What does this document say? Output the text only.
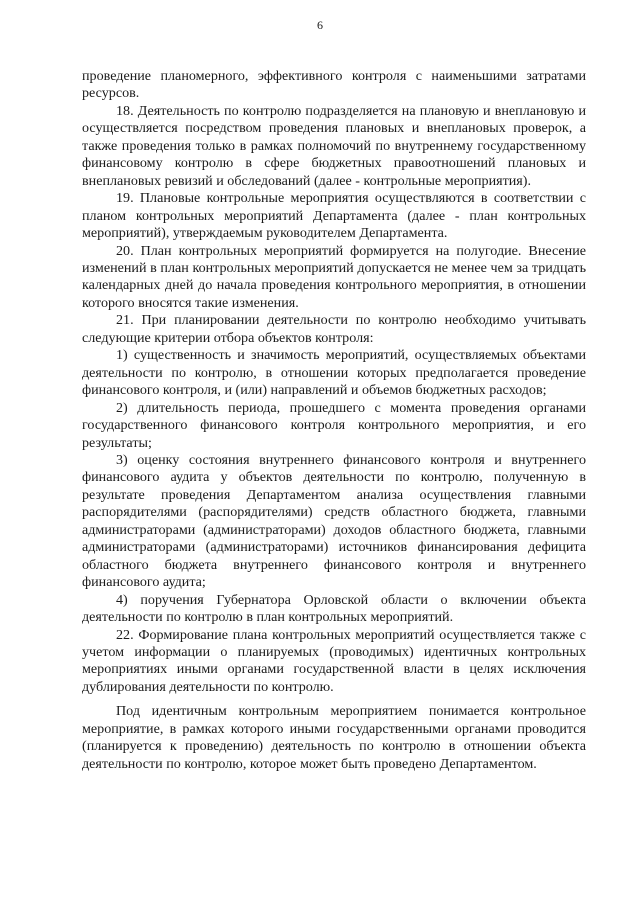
6

проведение планомерного, эффективного контроля с наименьшими затратами ресурсов.

18. Деятельность по контролю подразделяется на плановую и внеплановую и осуществляется посредством проведения плановых и внеплановых проверок, а также проведения только в рамках полномочий по внутреннему государственному финансовому контролю в сфере бюджетных правоотношений плановых и внеплановых ревизий и обследований (далее - контрольные мероприятия).

19. Плановые контрольные мероприятия осуществляются в соответствии с планом контрольных мероприятий Департамента (далее - план контрольных мероприятий), утверждаемым руководителем Департамента.

20. План контрольных мероприятий формируется на полугодие. Внесение изменений в план контрольных мероприятий допускается не менее чем за тридцать календарных дней до начала проведения контрольного мероприятия, в отношении которого вносятся такие изменения.

21. При планировании деятельности по контролю необходимо учитывать следующие критерии отбора объектов контроля:

1) существенность и значимость мероприятий, осуществляемых объектами деятельности по контролю, в отношении которых предполагается проведение финансового контроля, и (или) направлений и объемов бюджетных расходов;

2) длительность периода, прошедшего с момента проведения органами государственного финансового контроля контрольного мероприятия, и его результаты;

3) оценку состояния внутреннего финансового контроля и внутреннего финансового аудита у объектов деятельности по контролю, полученную в результате проведения Департаментом анализа осуществления главными распорядителями (распорядителями) средств областного бюджета, главными администраторами (администраторами) доходов областного бюджета, главными администраторами (администраторами) источников финансирования дефицита областного бюджета внутреннего финансового контроля и внутреннего финансового аудита;

4) поручения Губернатора Орловской области о включении объекта деятельности по контролю в план контрольных мероприятий.

22. Формирование плана контрольных мероприятий осуществляется также с учетом информации о планируемых (проводимых) идентичных контрольных мероприятиях иными органами государственной власти в целях исключения дублирования деятельности по контролю.

Под идентичным контрольным мероприятием понимается контрольное мероприятие, в рамках которого иными государственными органами проводится (планируется к проведению) деятельность по контролю в отношении объекта деятельности по контролю, которое может быть проведено Департаментом.
